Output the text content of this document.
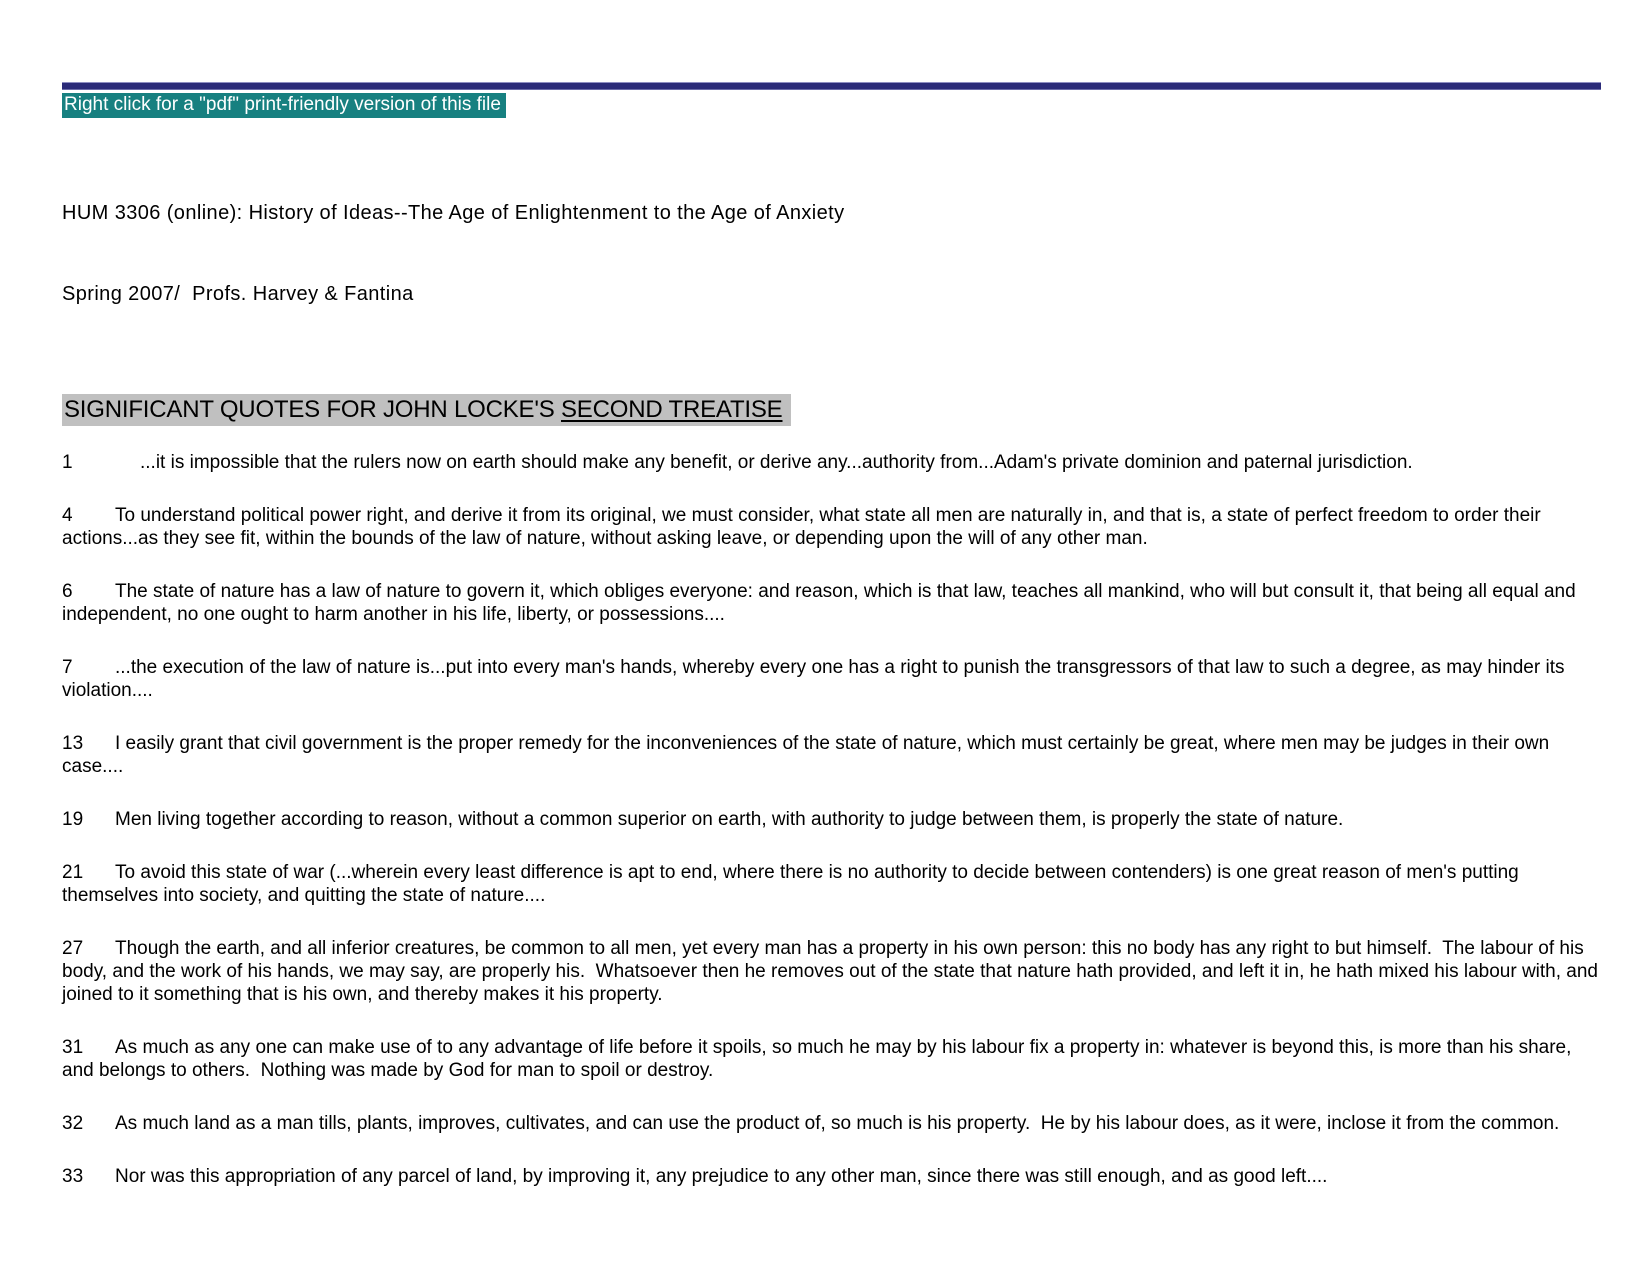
Right click for a "pdf" print-friendly version of this file

HUM 3306 (online): History of Ideas--The Age of Enlightenment to the Age of Anxiety

Spring 2007/  Profs. Harvey & Fantina

SIGNIFICANT QUOTES FOR JOHN LOCKE'S SECOND TREATISE

1	...it is impossible that the rulers now on earth should make any benefit, or derive any...authority from...Adam's private dominion and paternal jurisdiction.

4 To understand political power right, and derive it from its original, we must consider, what state all men are naturally in, and that is, a state of perfect freedom to order their actions...as they see fit, within the bounds of the law of nature, without asking leave, or depending upon the will of any other man.

6 The state of nature has a law of nature to govern it, which obliges everyone: and reason, which is that law, teaches all mankind, who will but consult it, that being all equal and independent, no one ought to harm another in his life, liberty, or possessions....

7 ...the execution of the law of nature is...put into every man's hands, whereby every one has a right to punish the transgressors of that law to such a degree, as may hinder its violation....

13 I easily grant that civil government is the proper remedy for the inconveniences of the state of nature, which must certainly be great, where men may be judges in their own case....

19 Men living together according to reason, without a common superior on earth, with authority to judge between them, is properly the state of nature.

21 To avoid this state of war (...wherein every least difference is apt to end, where there is no authority to decide between contenders) is one great reason of men's putting themselves into society, and quitting the state of nature....

27 Though the earth, and all inferior creatures, be common to all men, yet every man has a property in his own person: this no body has any right to but himself.  The labour of his body, and the work of his hands, we may say, are properly his.  Whatsoever then he removes out of the state that nature hath provided, and left it in, he hath mixed his labour with, and joined to it something that is his own, and thereby makes it his property.

31 As much as any one can make use of to any advantage of life before it spoils, so much he may by his labour fix a property in: whatever is beyond this, is more than his share, and belongs to others.  Nothing was made by God for man to spoil or destroy.

32 As much land as a man tills, plants, improves, cultivates, and can use the product of, so much is his property.  He by his labour does, as it were, inclose it from the common.

33 Nor was this appropriation of any parcel of land, by improving it, any prejudice to any other man, since there was still enough, and as good left....
